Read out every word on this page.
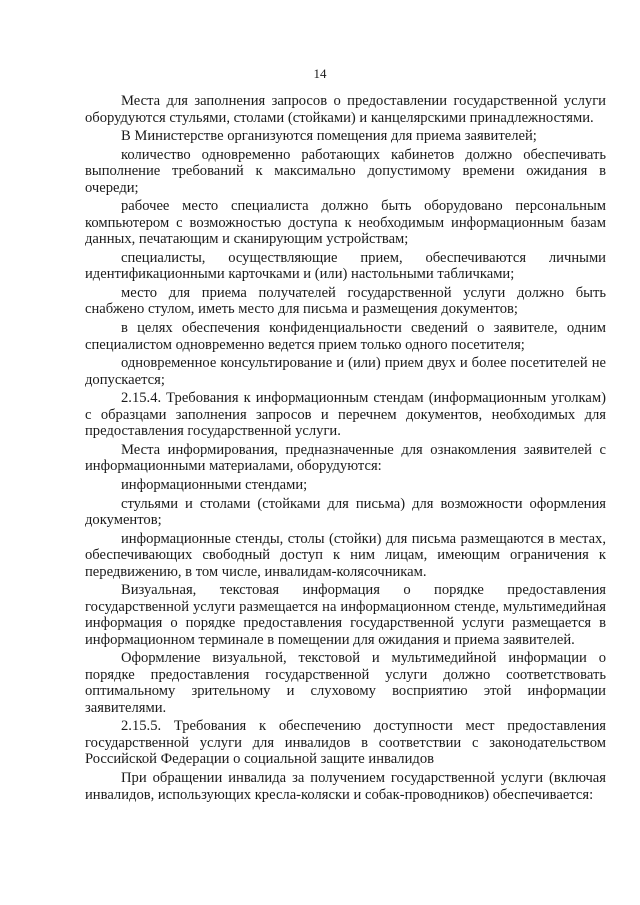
14

Места для заполнения запросов о предоставлении государственной услуги оборудуются стульями, столами (стойками) и канцелярскими принадлежностями.

В Министерстве организуются помещения для приема заявителей;

количество одновременно работающих кабинетов должно обеспечивать выполнение требований к максимально допустимому времени ожидания в очереди;

рабочее место специалиста должно быть оборудовано персональным компьютером с возможностью доступа к необходимым информационным базам данных, печатающим и сканирующим устройствам;

специалисты, осуществляющие прием, обеспечиваются личными идентификационными карточками и (или) настольными табличками;

место для приема получателей государственной услуги должно быть снабжено стулом, иметь место для письма и размещения документов;

в целях обеспечения конфиденциальности сведений о заявителе, одним специалистом одновременно ведется прием только одного посетителя;

одновременное консультирование и (или) прием двух и более посетителей не допускается;

2.15.4. Требования к информационным стендам (информационным уголкам) с образцами заполнения запросов и перечнем документов, необходимых для предоставления государственной услуги.

Места информирования, предназначенные для ознакомления заявителей с информационными материалами, оборудуются:

информационными стендами;

стульями и столами (стойками для письма) для возможности оформления документов;

информационные стенды, столы (стойки) для письма размещаются в местах, обеспечивающих свободный доступ к ним лицам, имеющим ограничения к передвижению, в том числе, инвалидам-колясочникам.

Визуальная, текстовая информация о порядке предоставления государственной услуги размещается на информационном стенде, мультимедийная информация о порядке предоставления государственной услуги размещается в информационном терминале в помещении для ожидания и приема заявителей.

Оформление визуальной, текстовой и мультимедийной информации о порядке предоставления государственной услуги должно соответствовать оптимальному зрительному и слуховому восприятию этой информации заявителями.

2.15.5. Требования к обеспечению доступности мест предоставления государственной услуги для инвалидов в соответствии с законодательством Российской Федерации о социальной защите инвалидов

При обращении инвалида за получением государственной услуги (включая инвалидов, использующих кресла-коляски и собак-проводников) обеспечивается:
